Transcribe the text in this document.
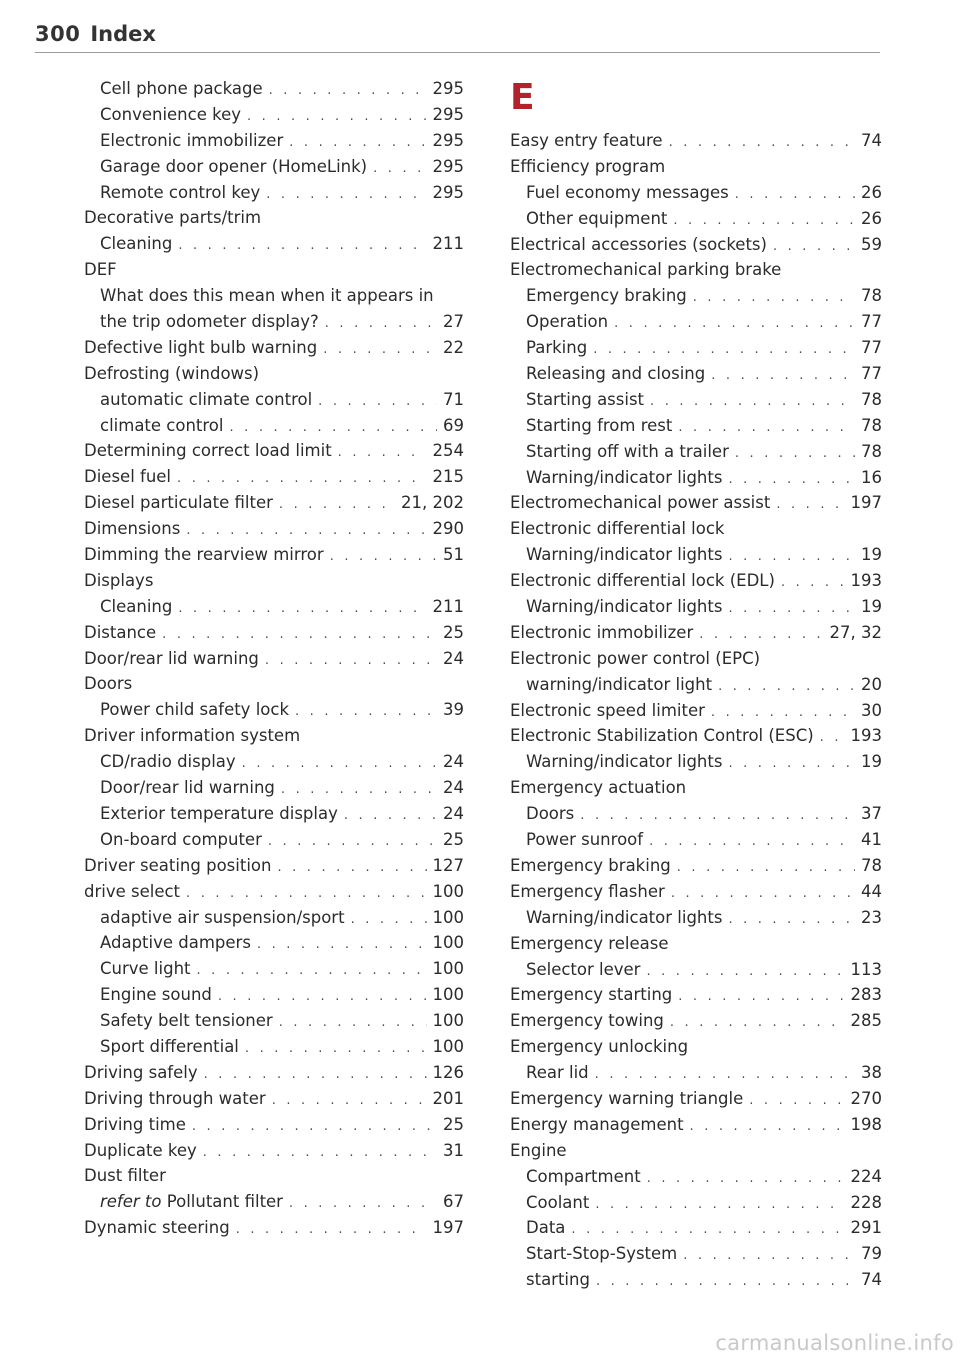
300 Index
Cell phone package . . .	295
Convenience key . . .	295
Electronic immobilizer . . .	295
Garage door opener (HomeLink) . . .	295
Remote control key . . .	295
Decorative parts/trim
Cleaning . . .	211
DEF
What does this mean when it appears in
the trip odometer display? . . .	27
Defective light bulb warning . . .	22
Defrosting (windows)
automatic climate control . . .	71
climate control . . .	69
Determining correct load limit . . .	254
Diesel fuel . . .	215
Diesel particulate filter . . .	21, 202
Dimensions . . .	290
Dimming the rearview mirror . . .	51
Displays
Cleaning . . .	211
Distance . . .	25
Door/rear lid warning . . .	24
Doors
Power child safety lock . . .	39
Driver information system
CD/radio display . . .	24
Door/rear lid warning . . .	24
Exterior temperature display . . .	24
On-board computer . . .	25
Driver seating position . . .	127
drive select . . .	100
adaptive air suspension/sport . . .	100
Adaptive dampers . . .	100
Curve light . . .	100
Engine sound . . .	100
Safety belt tensioner . . .	100
Sport differential . . .	100
Driving safely . . .	126
Driving through water . . .	201
Driving time . . .	25
Duplicate key . . .	31
Dust filter
refer to Pollutant filter . . .	67
Dynamic steering . . .	197
E
Easy entry feature . . .	74
Efficiency program
Fuel economy messages . . .	26
Other equipment . . .	26
Electrical accessories (sockets) . . .	59
Electromechanical parking brake
Emergency braking . . .	78
Operation . . .	77
Parking . . .	77
Releasing and closing . . .	77
Starting assist . . .	78
Starting from rest . . .	78
Starting off with a trailer . . .	78
Warning/indicator lights . . .	16
Electromechanical power assist . . .	197
Electronic differential lock
Warning/indicator lights . . .	19
Electronic differential lock (EDL) . . .	193
Warning/indicator lights . . .	19
Electronic immobilizer . . .	27, 32
Electronic power control (EPC)
warning/indicator light . . .	20
Electronic speed limiter . . .	30
Electronic Stabilization Control (ESC) . . . 193
Warning/indicator lights . . .	19
Emergency actuation
Doors . . .	37
Power sunroof . . .	41
Emergency braking . . .	78
Emergency flasher . . .	44
Warning/indicator lights . . .	23
Emergency release
Selector lever . . .	113
Emergency starting . . .	283
Emergency towing . . .	285
Emergency unlocking
Rear lid . . .	38
Emergency warning triangle . . .	270
Energy management . . .	198
Engine
Compartment . . .	224
Coolant . . .	228
Data . . .	291
Start-Stop-System . . .	79
starting . . .	74
carmanualsonline.info
